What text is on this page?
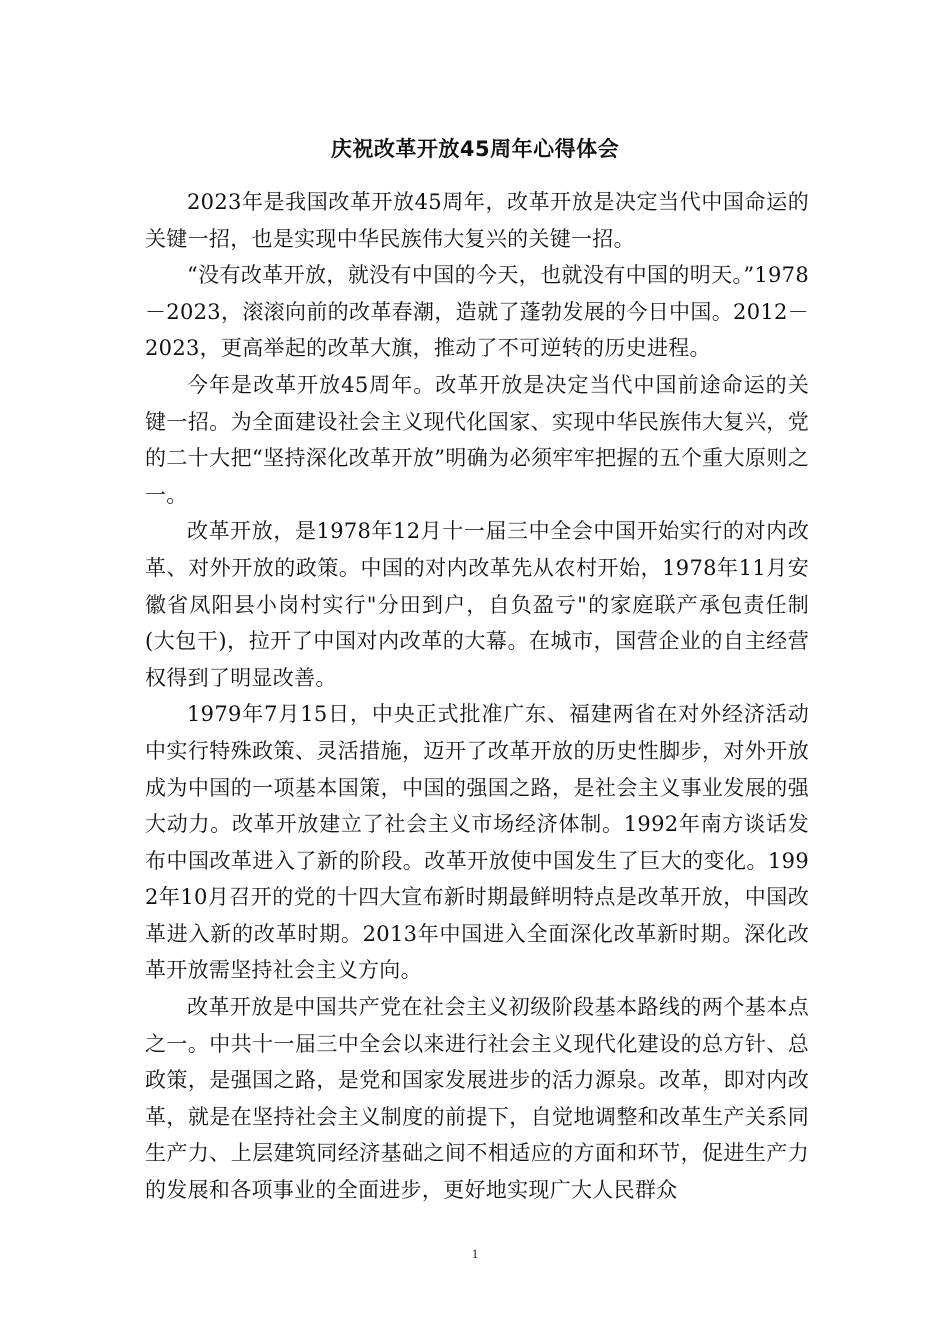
庆祝改革开放45周年心得体会

2023年是我国改革开放45周年，改革开放是决定当代中国命运的关键一招，也是实现中华民族伟大复兴的关键一招。

“没有改革开放，就没有中国的今天，也就没有中国的明天。”1978－2023，滚滚向前的改革春潮，造就了蓬勃发展的今日中国。2012－2023，更高举起的改革大旗，推动了不可逆转的历史进程。

今年是改革开放45周年。改革开放是决定当代中国前途命运的关键一招。为全面建设社会主义现代化国家、实现中华民族伟大复兴，党的二十大把“坚持深化改革开放”明确为必须牢牢把握的五个重大原则之一。

改革开放，是1978年12月十一届三中全会中国开始实行的对内改革、对外开放的政策。中国的对内改革先从农村开始，1978年11月安徽省凤阳县小岗村实行"分田到户，自负盈亏"的家庭联产承包责任制(大包干)，拉开了中国对内改革的大幕。在城市，国营企业的自主经营权得到了明显改善。

1979年7月15日，中央正式批准广东、福建两省在对外经济活动中实行特殊政策、灵活措施，迈开了改革开放的历史性脚步，对外开放成为中国的一项基本国策，中国的强国之路，是社会主义事业发展的强大动力。改革开放建立了社会主义市场经济体制。1992年南方谈话发布中国改革进入了新的阶段。改革开放使中国发生了巨大的变化。1992年10月召开的党的十四大宣布新时期最鲜明特点是改革开放，中国改革进入新的改革时期。2013年中国进入全面深化改革新时期。深化改革开放需坚持社会主义方向。

改革开放是中国共产党在社会主义初级阶段基本路线的两个基本点之一。中共十一届三中全会以来进行社会主义现代化建设的总方针、总政策，是强国之路，是党和国家发展进步的活力源泉。改革，即对内改革，就是在坚持社会主义制度的前提下，自觉地调整和改革生产关系同生产力、上层建筑同经济基础之间不相适应的方面和环节，促进生产力的发展和各项事业的全面进步，更好地实现广大人民群众

1
